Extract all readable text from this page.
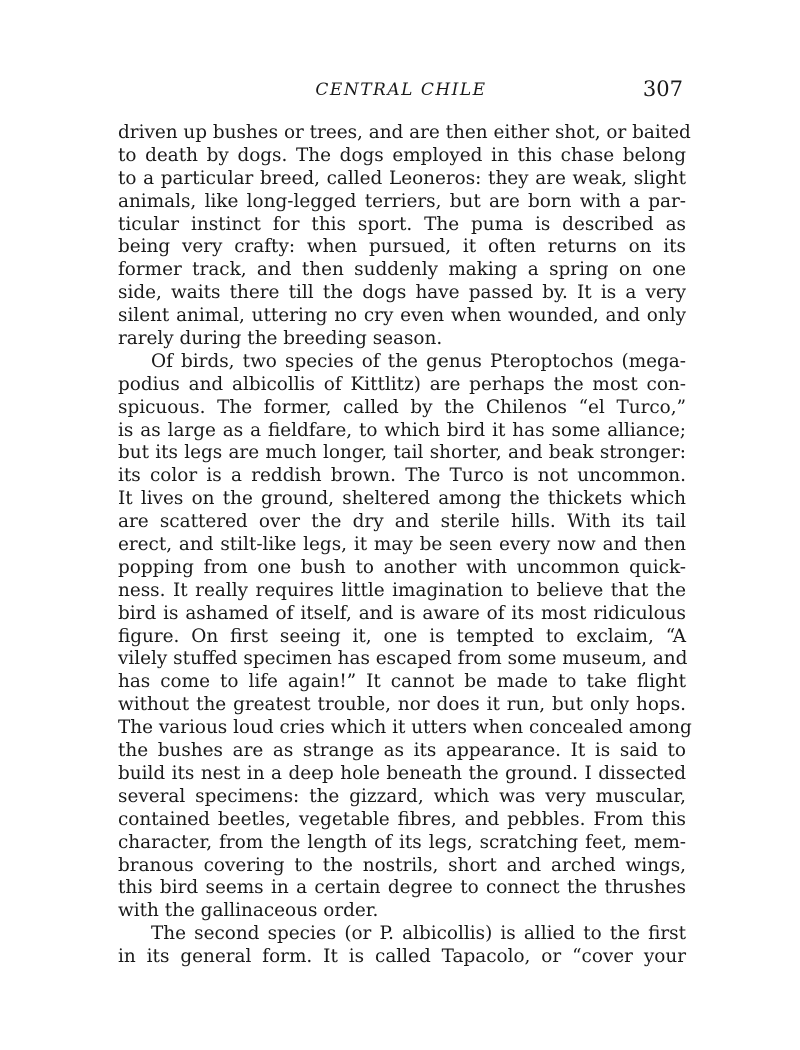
CENTRAL CHILE	307
driven up bushes or trees, and are then either shot, or baited
to death by dogs. The dogs employed in this chase belong
to a particular breed, called Leoneros: they are weak, slight
animals, like long-legged terriers, but are born with a par-
ticular instinct for this sport. The puma is described as
being very crafty: when pursued, it often returns on its
former track, and then suddenly making a spring on one
side, waits there till the dogs have passed by. It is a very
silent animal, uttering no cry even when wounded, and only
rarely during the breeding season.
Of birds, two species of the genus Pteroptochos (mega-
podius and albicollis of Kittlitz) are perhaps the most con-
spicuous. The former, called by the Chilenos “el Turco,”
is as large as a fieldfare, to which bird it has some alliance;
but its legs are much longer, tail shorter, and beak stronger:
its color is a reddish brown. The Turco is not uncommon.
It lives on the ground, sheltered among the thickets which
are scattered over the dry and sterile hills. With its tail
erect, and stilt-like legs, it may be seen every now and then
popping from one bush to another with uncommon quick-
ness. It really requires little imagination to believe that the
bird is ashamed of itself, and is aware of its most ridiculous
figure. On first seeing it, one is tempted to exclaim, “A
vilely stuffed specimen has escaped from some museum, and
has come to life again!” It cannot be made to take flight
without the greatest trouble, nor does it run, but only hops.
The various loud cries which it utters when concealed among
the bushes are as strange as its appearance. It is said to
build its nest in a deep hole beneath the ground. I dissected
several specimens: the gizzard, which was very muscular,
contained beetles, vegetable fibres, and pebbles. From this
character, from the length of its legs, scratching feet, mem-
branous covering to the nostrils, short and arched wings,
this bird seems in a certain degree to connect the thrushes
with the gallinaceous order.
The second species (or P. albicollis) is allied to the first
in its general form. It is called Tapacolo, or “cover your
